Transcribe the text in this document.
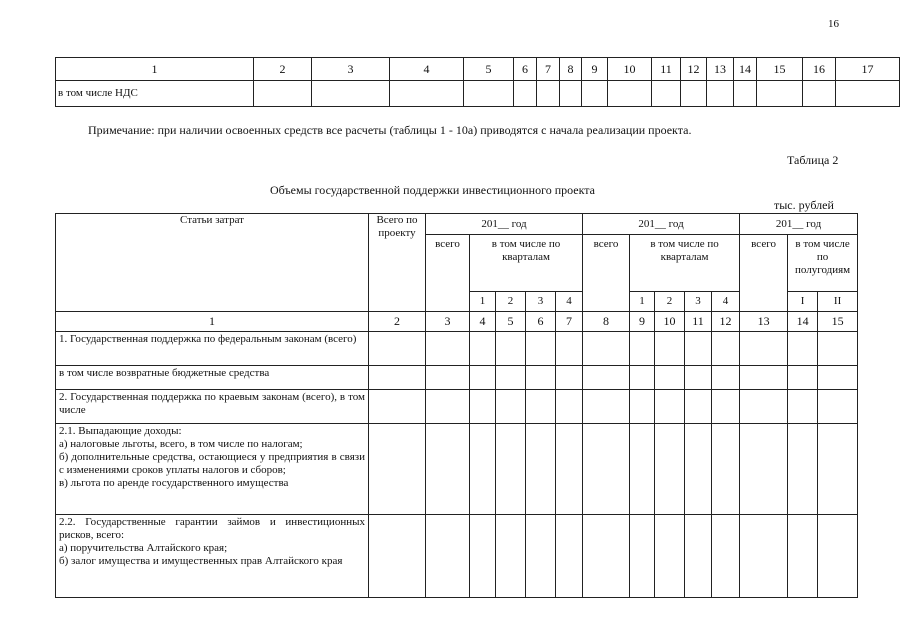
16
1	2	3	4	5	6	7	8	9	10	11	12	13	14	15	16	17
в том числе НДС																
Примечание: при наличии освоенных средств все расчеты (таблицы 1 - 10а) приводятся с начала реализации проекта.
Таблица 2
Объемы государственной поддержки инвестиционного проекта
тыс. рублей
Статьи затрат	Всего по проекту	201__ год					201__ год					201__ год		
		всего	в том числе по кварталам				всего	в том числе по кварталам				всего	в том числе по полугодиям	
			1	2	3	4		1	2	3	4		I	II
1	2	3	4	5	6	7	8	9	10	11	12	13	14	15

1. Государственная поддержка по федеральным законам (всего)														

в том числе возвратные бюджетные средства														

2. Государственная поддержка по краевым законам (всего), в том числе														

2.1. Выпадающие доходы:
а) налоговые льготы, всего, в том числе по налогам;
б) дополнительные средства, остающиеся у предприятия в связи с изменениями сроков уплаты налогов и сборов;
в) льгота по аренде государственного имущества														

2.2. Государственные гарантии займов и инвестиционных рисков, всего:
а) поручительства Алтайского края;
б) залог имущества и имущественных прав Алтайского края														
